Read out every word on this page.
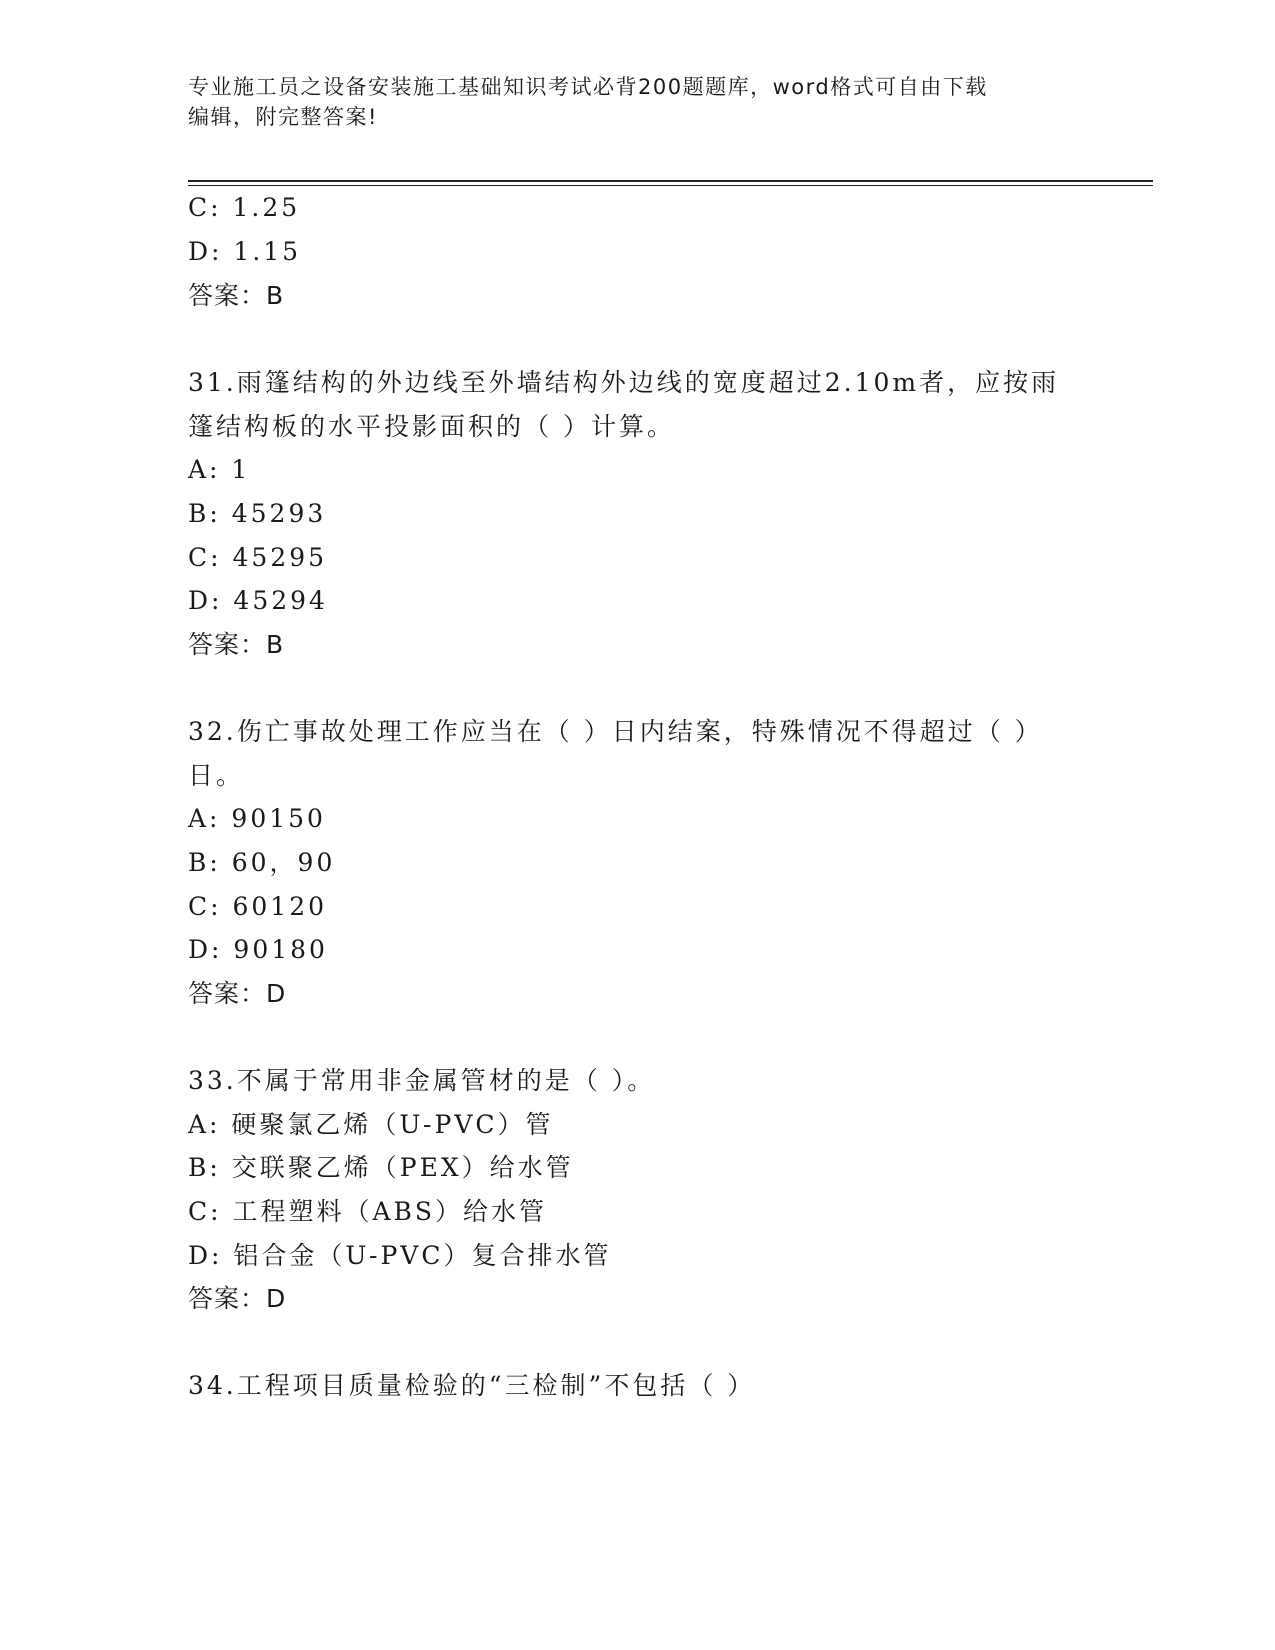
专业施工员之设备安装施工基础知识考试必背200题题库，word格式可自由下载
编辑，附完整答案!
C: 1.25
D: 1.15
答案：B
31.雨篷结构的外边线至外墙结构外边线的宽度超过2.10m者，应按雨
篷结构板的水平投影面积的（ ）计算。
A: 1
B: 45293
C: 45295
D: 45294
答案：B
32.伤亡事故处理工作应当在（ ）日内结案，特殊情况不得超过（ ）
日。
A: 90150
B: 60，90
C: 60120
D: 90180
答案：D
33.不属于常用非金属管材的是（ ）。
A: 硬聚氯乙烯（U-PVC）管
B: 交联聚乙烯（PEX）给水管
C: 工程塑料（ABS）给水管
D: 铝合金（U-PVC）复合排水管
答案：D
34.工程项目质量检验的“三检制”不包括（ ）
